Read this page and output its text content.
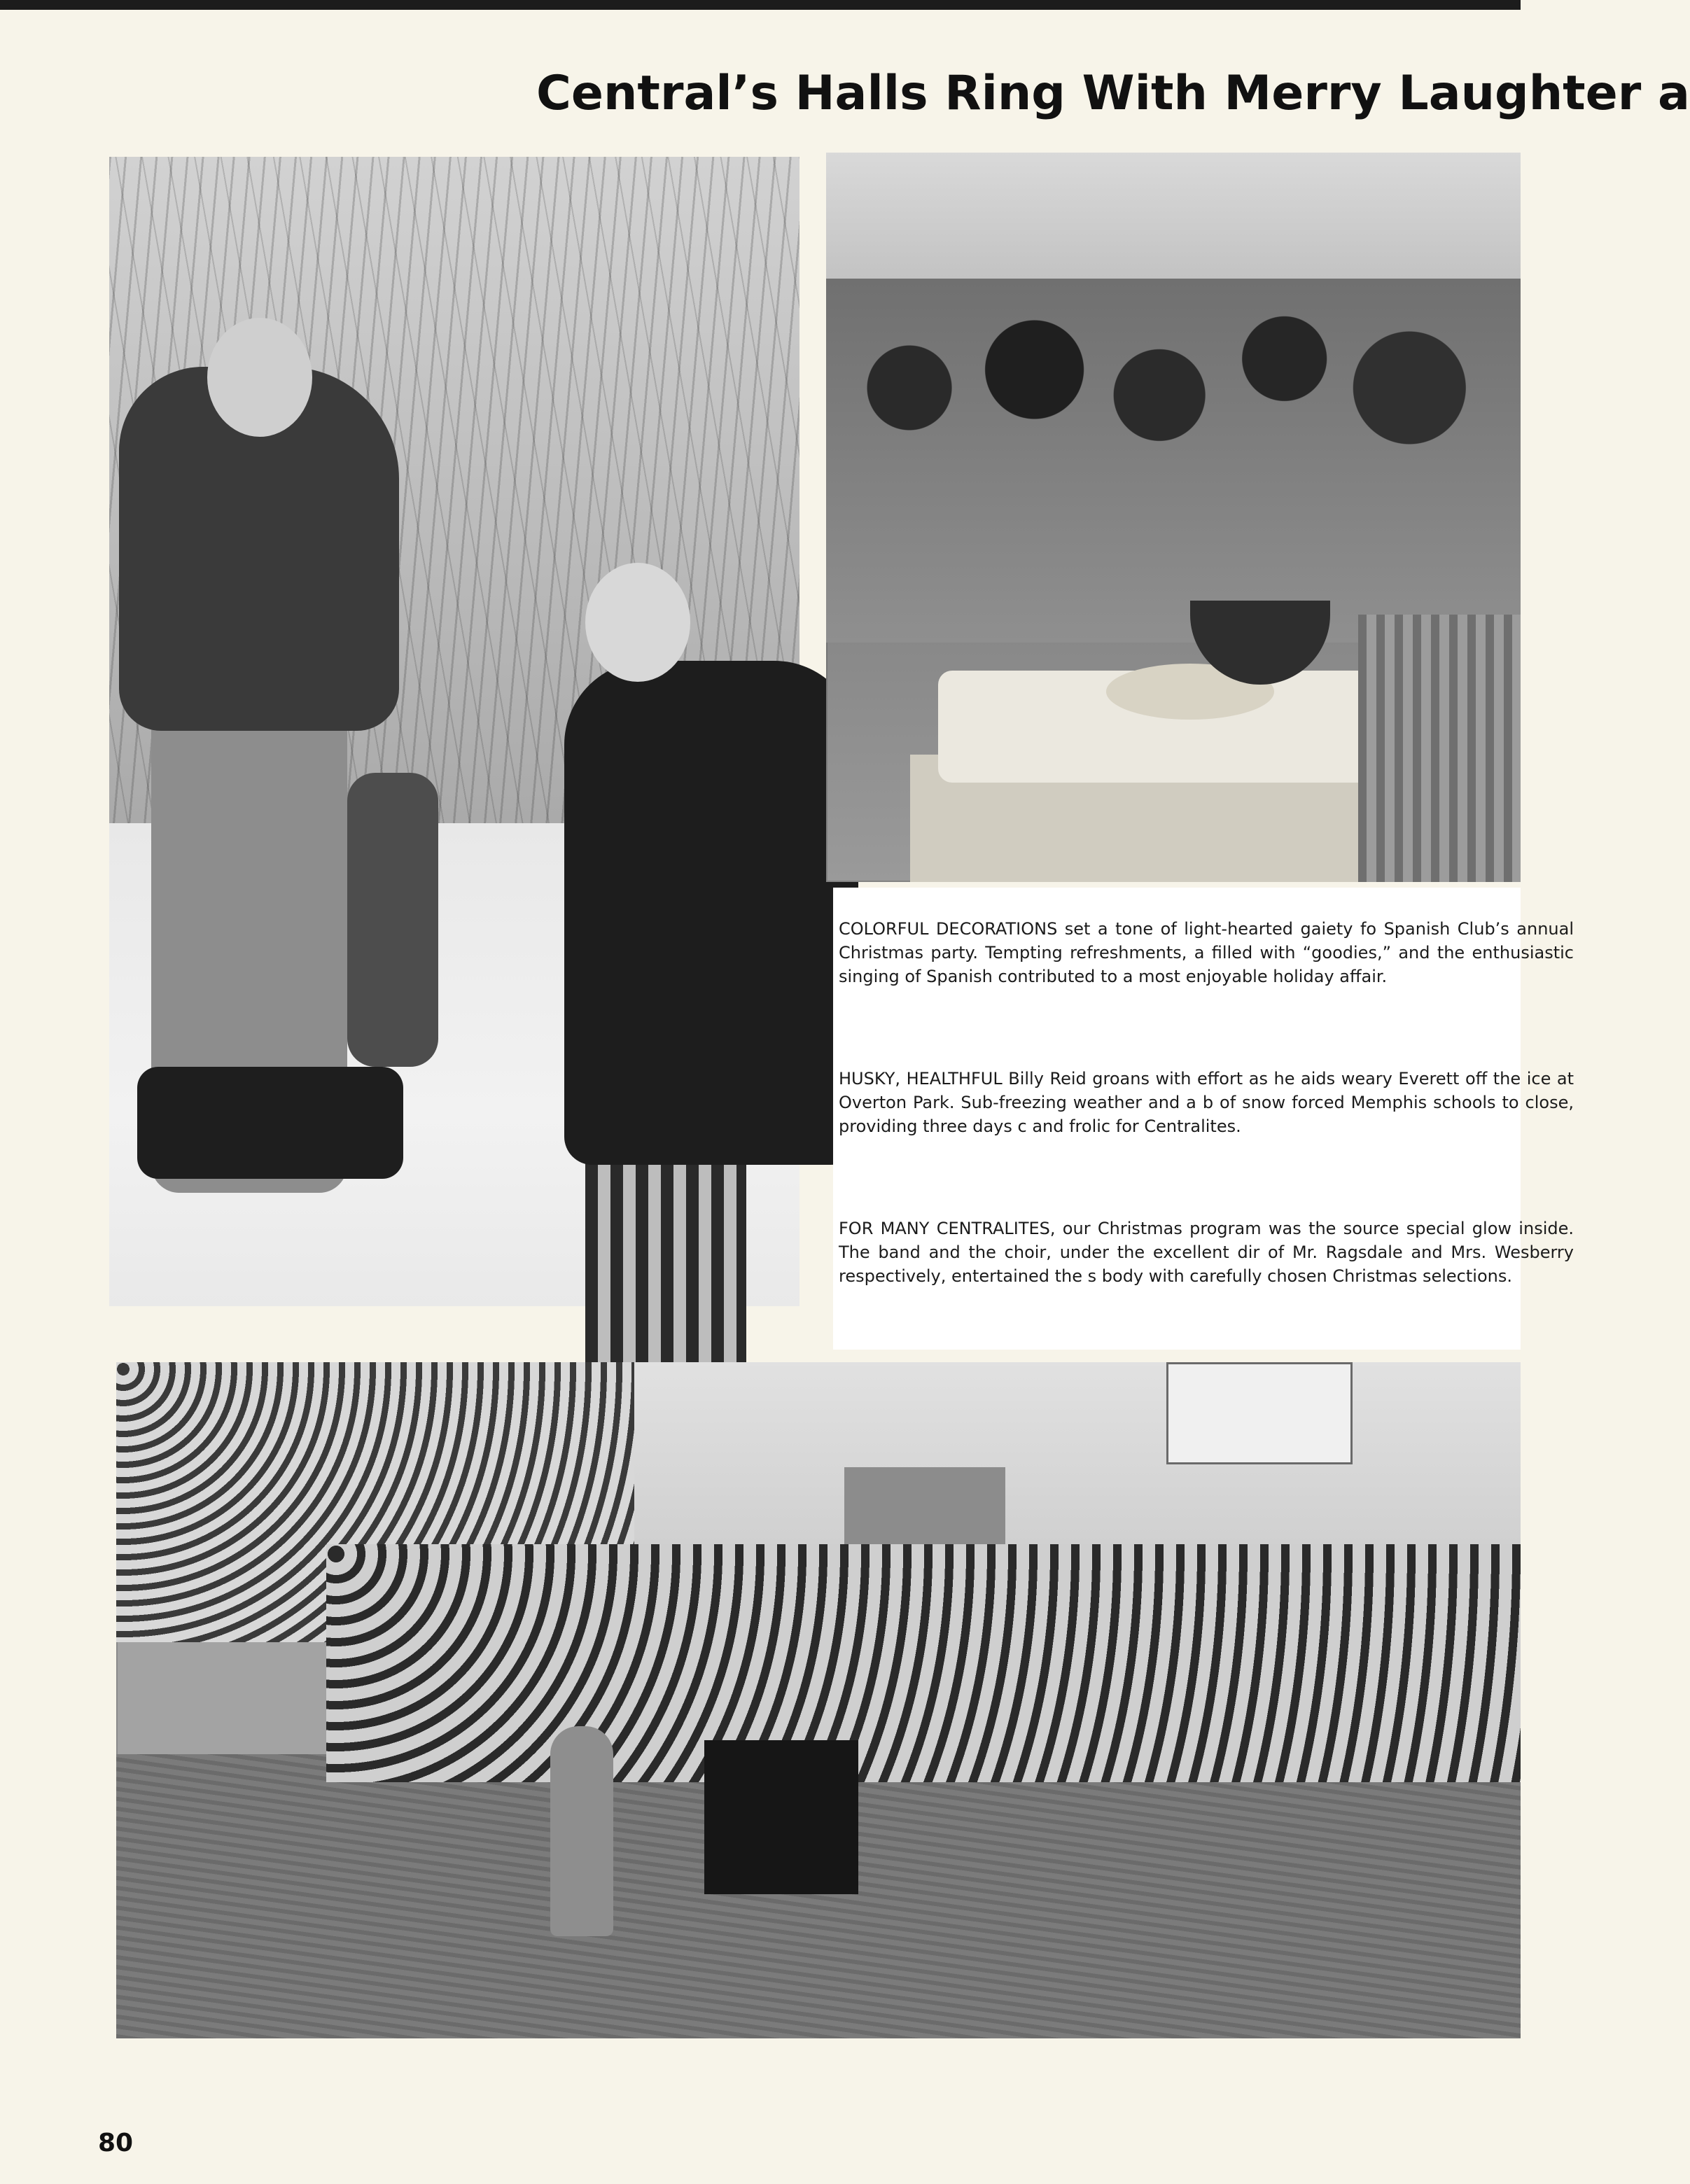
Central’s Halls Ring With Merry Laughter a

COLORFUL DECORATIONS set a tone of light-hearted gaiety fo Spanish Club’s annual Christmas party. Tempting refreshments, a filled with “goodies,” and the enthusiastic singing of Spanish contributed to a most enjoyable holiday affair.

HUSKY, HEALTHFUL Billy Reid groans with effort as he aids weary Everett off the ice at Overton Park. Sub-freezing weather and a b of snow forced Memphis schools to close, providing three days c and frolic for Centralites.

FOR MANY CENTRALITES, our Christmas program was the source special glow inside. The band and the choir, under the excellent dir of Mr. Ragsdale and Mrs. Wesberry respectively, entertained the s body with carefully chosen Christmas selections.

80
